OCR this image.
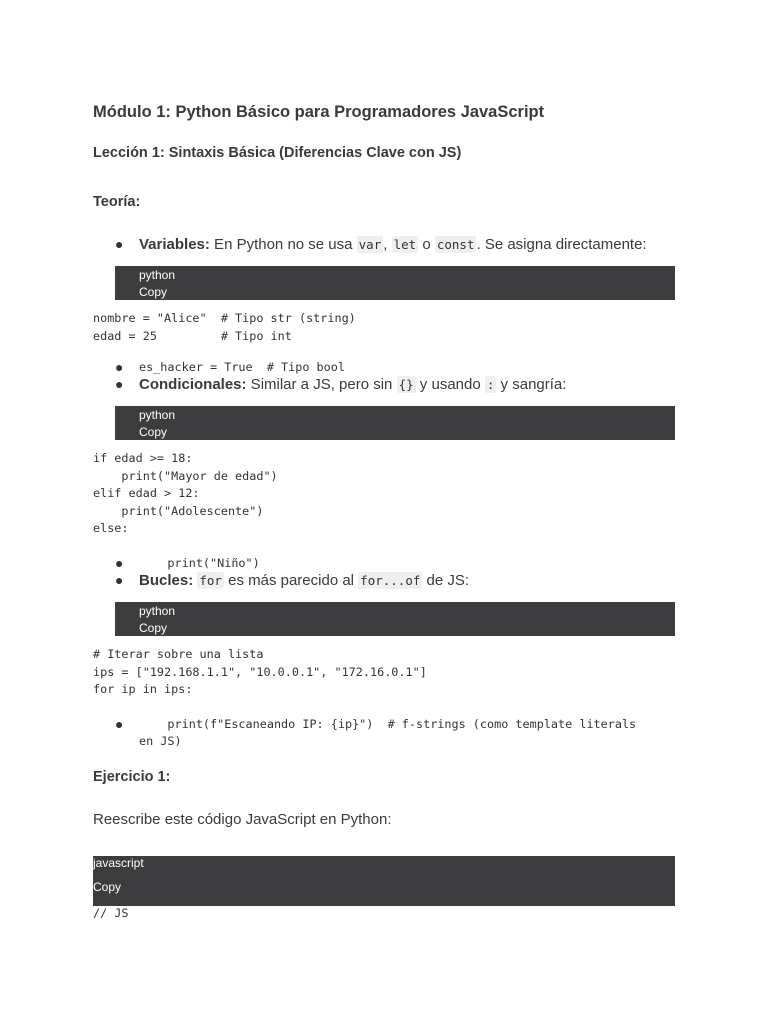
Módulo 1: Python Básico para Programadores JavaScript
Lección 1: Sintaxis Básica (Diferencias Clave con JS)
Teoría:
● Variables: En Python no se usa var , let o const . Se asigna directamente:
python
Copy
nombre = "Alice"  # Tipo str (string)
edad = 25         # Tipo int
● es_hacker = True  # Tipo bool
● Condicionales: Similar a JS, pero sin {} y usando : y sangría:
python
Copy
if edad >= 18:
print("Mayor de edad")
elif edad > 12:
print("Adolescente")
else:
● print("Niño")
● Bucles: for es más parecido al for...of de JS:
python
Copy
# Iterar sobre una lista
ips = ["192.168.1.1", "10.0.0.1", "172.16.0.1"]
for ip in ips:
● print(f"Escaneando IP: {ip}")  # f-strings (como template literals
en JS)
Ejercicio 1:
Reescribe este código JavaScript en Python:
javascript
Copy
// JS
